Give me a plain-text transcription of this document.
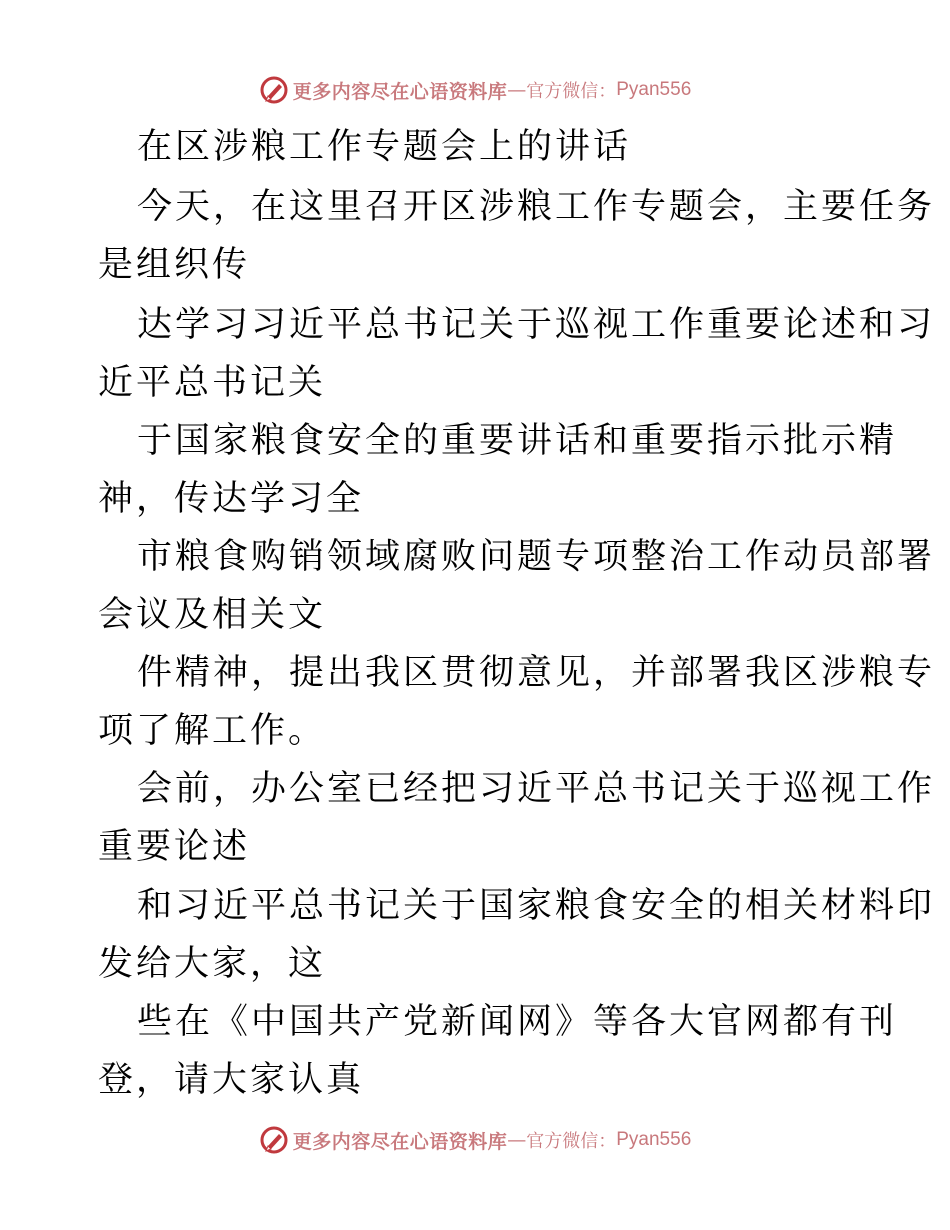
更多内容尽在心语资料库 — 官方微信： Pyan556
在区涉粮工作专题会上的讲话
今天，在这里召开区涉粮工作专题会，主要任务
是组织传
达学习习近平总书记关于巡视工作重要论述和习
近平总书记关
于国家粮食安全的重要讲话和重要指示批示精
神，传达学习全
市粮食购销领域腐败问题专项整治工作动员部署
会议及相关文
件精神，提出我区贯彻意见，并部署我区涉粮专
项了解工作。
会前，办公室已经把习近平总书记关于巡视工作
重要论述
和习近平总书记关于国家粮食安全的相关材料印
发给大家，这
些在《中国共产党新闻网》等各大官网都有刊
登，请大家认真
更多内容尽在心语资料库 — 官方微信： Pyan556
